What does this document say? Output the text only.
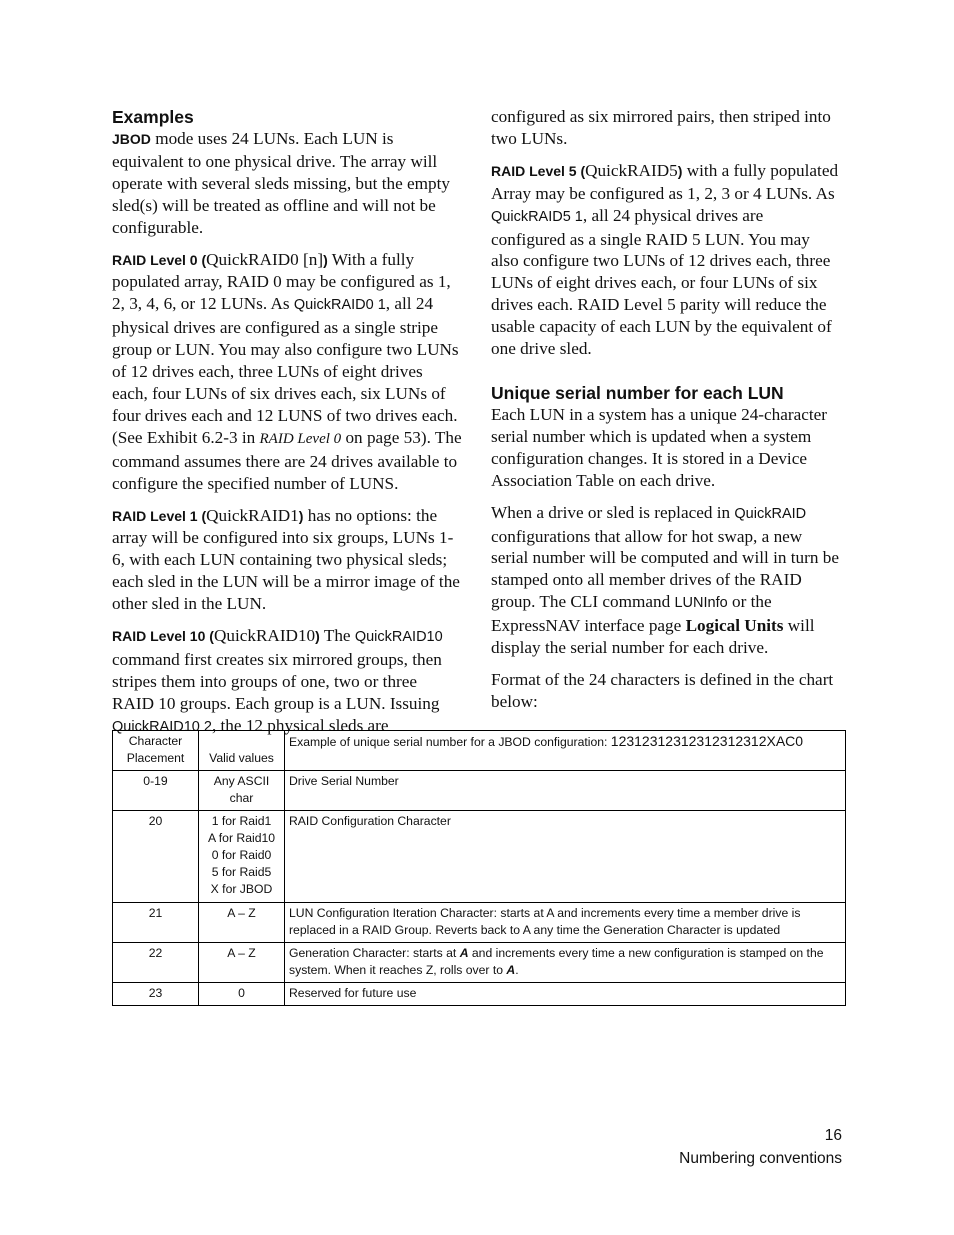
Examples

JBOD mode uses 24 LUNs. Each LUN is equivalent to one physical drive. The array will operate with several sleds missing, but the empty sled(s) will be treated as offline and will not be configurable.

RAID Level 0 (QuickRAID0 [n]) With a fully populated array, RAID 0 may be configured as 1, 2, 3, 4, 6, or 12 LUNs. As QuickRAID0 1, all 24 physical drives are configured as a single stripe group or LUN. You may also configure two LUNs of 12 drives each, three LUNs of eight drives each, four LUNs of six drives each, six LUNs of four drives each and 12 LUNS of two drives each. (See Exhibit 6.2-3 in RAID Level 0 on page 53). The command assumes there are 24 drives available to configure the specified number of LUNS.

RAID Level 1 (QuickRAID1) has no options: the array will be configured into six groups, LUNs 1-6, with each LUN containing two physical sleds; each sled in the LUN will be a mirror image of the other sled in the LUN.

RAID Level 10 (QuickRAID10) The QuickRAID10 command first creates six mirrored groups, then stripes them into groups of one, two or three RAID 10 groups. Each group is a LUN. Issuing QuickRAID10 2, the 12 physical sleds are

configured as six mirrored pairs, then striped into two LUNs.

RAID Level 5 (QuickRAID5) with a fully populated Array may be configured as 1, 2, 3 or 4 LUNs. As QuickRAID5 1, all 24 physical drives are configured as a single RAID 5 LUN. You may also configure two LUNs of 12 drives each, three LUNs of eight drives each, or four LUNs of six drives each. RAID Level 5 parity will reduce the usable capacity of each LUN by the equivalent of one drive sled.

Unique serial number for each LUN

Each LUN in a system has a unique 24-character serial number which is updated when a system configuration changes. It is stored in a Device Association Table on each drive.

When a drive or sled is replaced in QuickRAID configurations that allow for hot swap, a new serial number will be computed and will in turn be stamped onto all member drives of the RAID group. The CLI command LUNInfo or the ExpressNAV interface page Logical Units will display the serial number for each drive.

Format of the 24 characters is defined in the chart below:

Character Placement	Valid values	Example of unique serial number for a JBOD configuration: 12312312312312312312XAC0
0-19	Any ASCII char	Drive Serial Number
20	1 for Raid1
A for Raid10
0 for Raid0
5 for Raid5
X for JBOD	RAID Configuration Character
21	A – Z	LUN Configuration Iteration Character: starts at A and increments every time a member drive is replaced in a RAID Group. Reverts back to A any time the Generation Character is updated
22	A – Z	Generation Character: starts at A and increments every time a new configuration is stamped on the system. When it reaches Z, rolls over to A.
23	0	Reserved for future use
16
Numbering conventions
